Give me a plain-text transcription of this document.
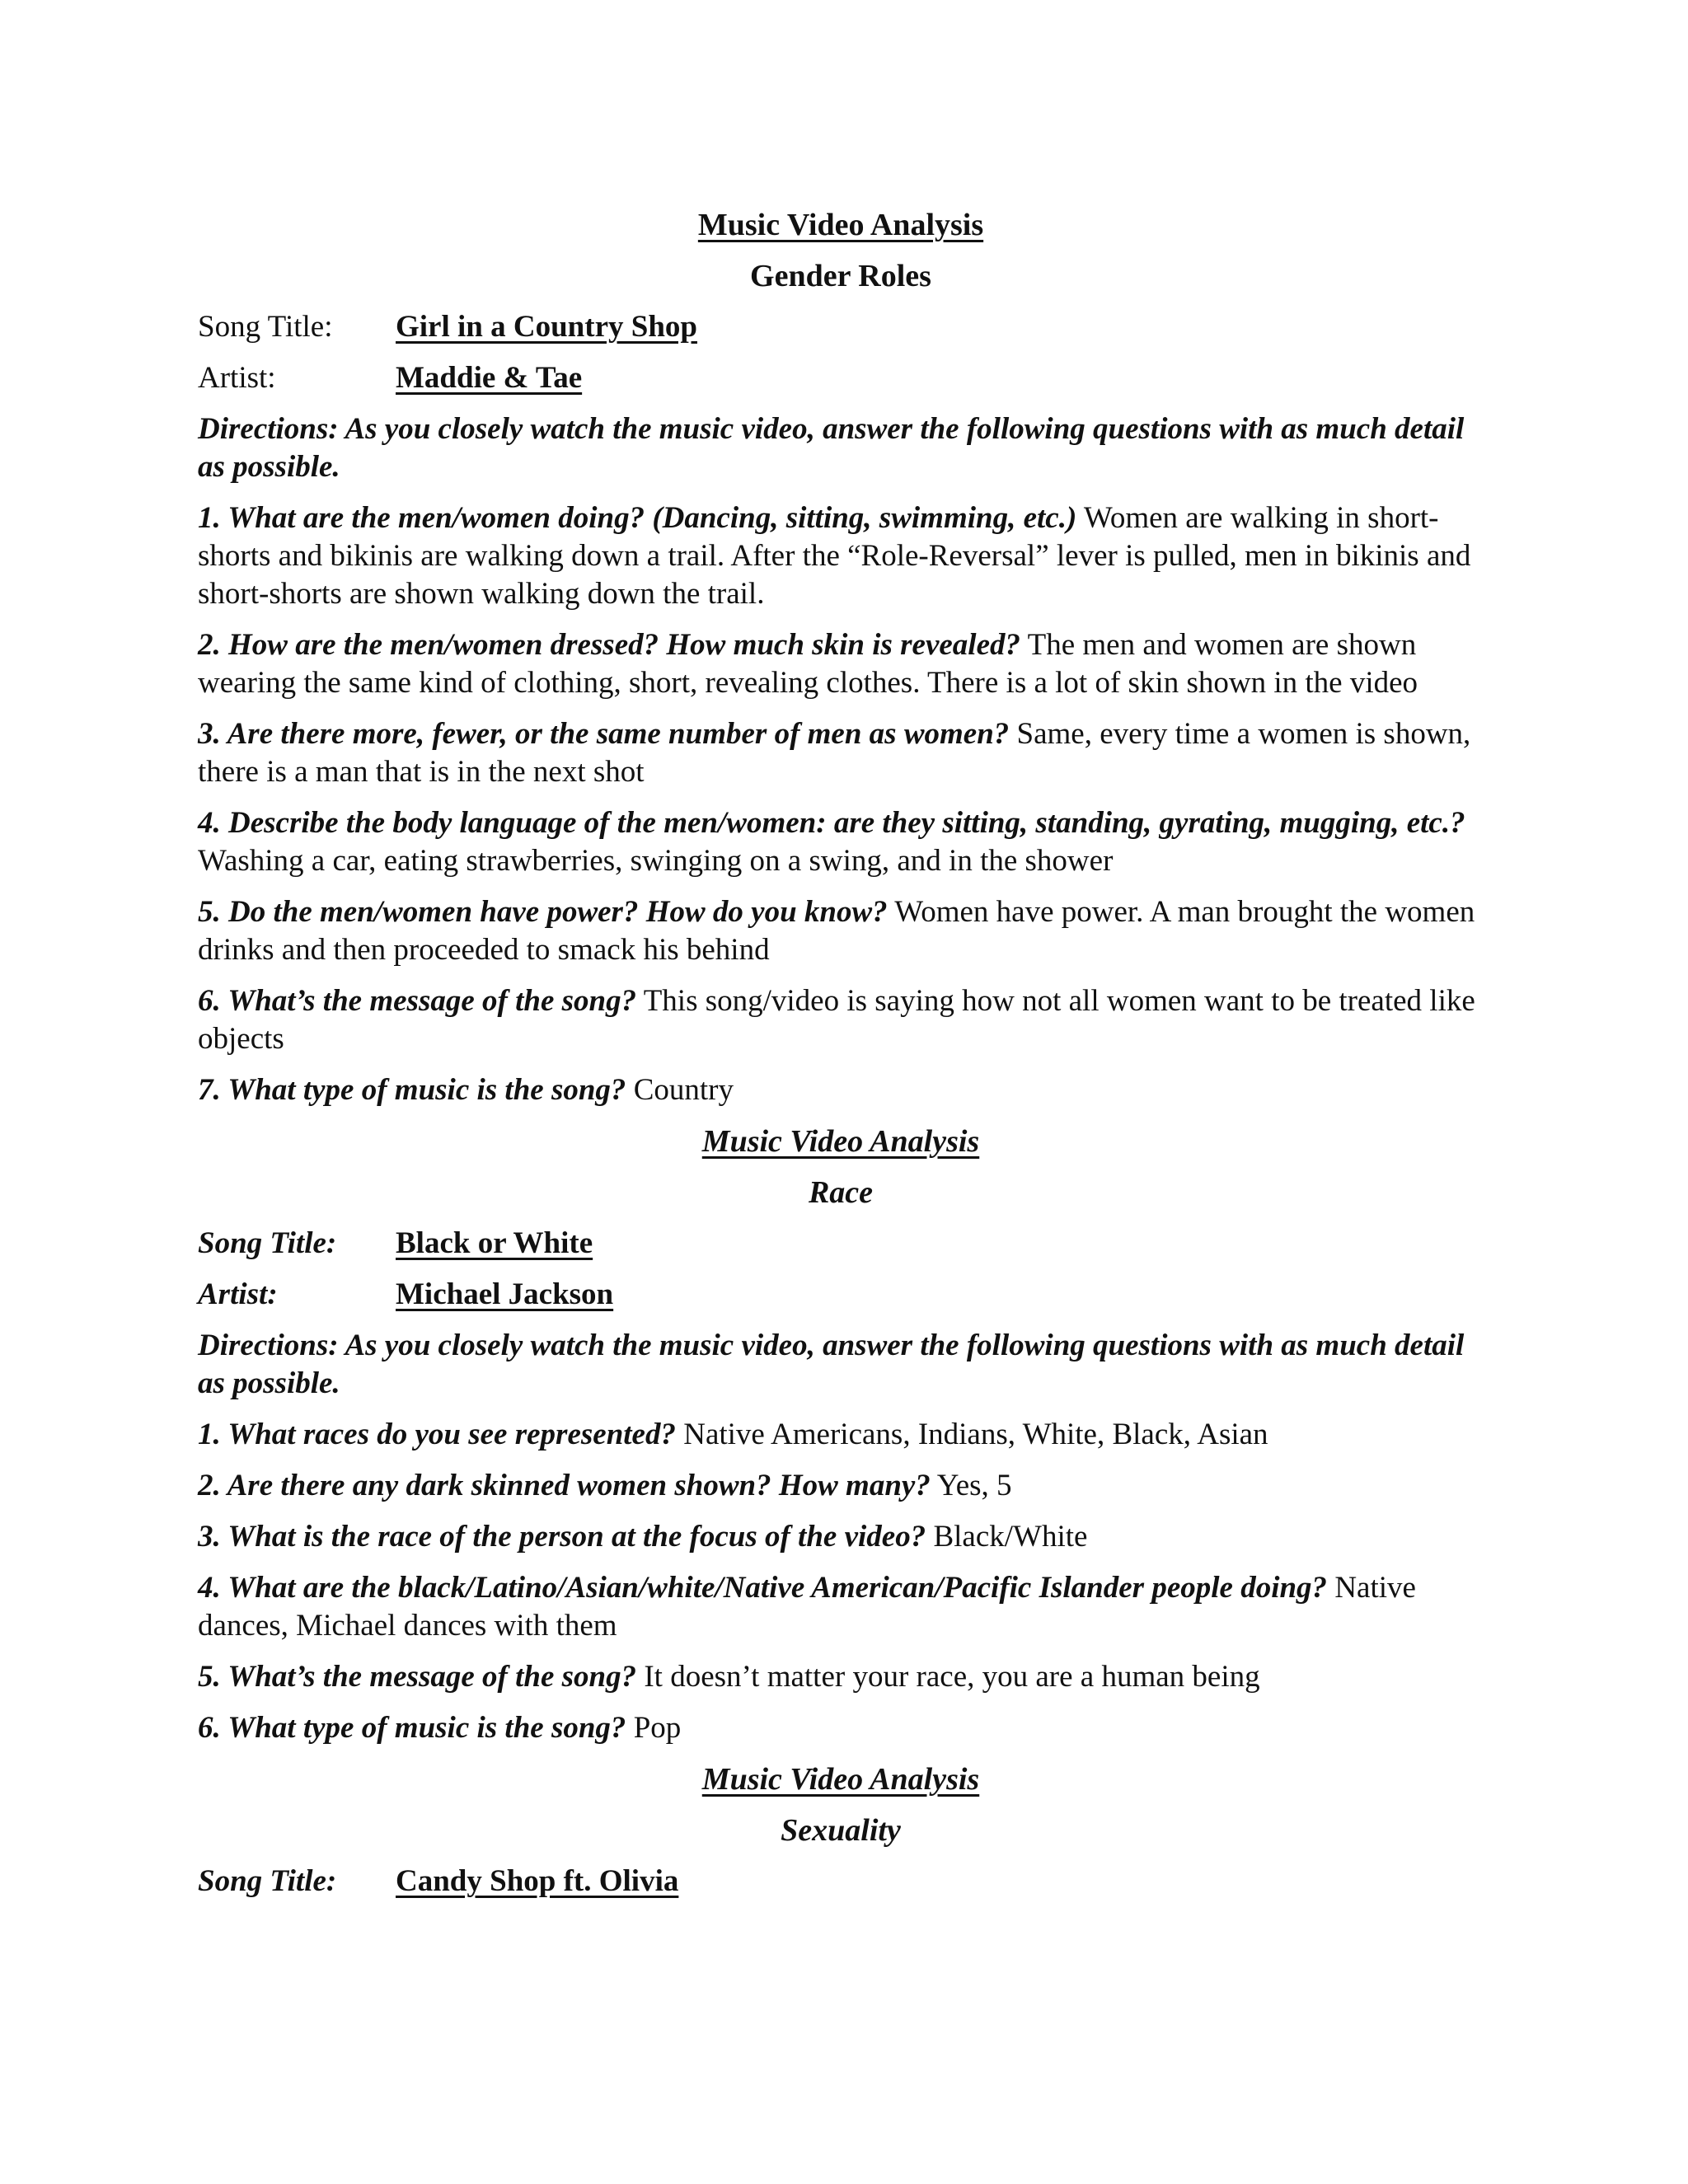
Music Video Analysis
Gender Roles
Song Title:	Girl in a Country Shop
Artist:	Maddie & Tae
Directions: As you closely watch the music video, answer the following questions with as much detail as possible.
1. What are the men/women doing? (Dancing, sitting, swimming, etc.) Women are walking in short-shorts and bikinis are walking down a trail. After the “Role-Reversal” lever is pulled, men in bikinis and short-shorts are shown walking down the trail.
2. How are the men/women dressed? How much skin is revealed? The men and women are shown wearing the same kind of clothing, short, revealing clothes. There is a lot of skin shown in the video
3. Are there more, fewer, or the same number of men as women? Same, every time a women is shown, there is a man that is in the next shot
4. Describe the body language of the men/women: are they sitting, standing, gyrating, mugging, etc.? Washing a car, eating strawberries, swinging on a swing, and in the shower
5. Do the men/women have power? How do you know? Women have power. A man brought the women drinks and then proceeded to smack his behind
6. What’s the message of the song? This song/video is saying how not all women want to be treated like objects
7. What type of music is the song? Country
Music Video Analysis
Race
Song Title:	Black or White
Artist:	Michael Jackson
Directions: As you closely watch the music video, answer the following questions with as much detail as possible.
1. What races do you see represented? Native Americans, Indians, White, Black, Asian
2. Are there any dark skinned women shown? How many? Yes, 5
3. What is the race of the person at the focus of the video? Black/White
4. What are the black/Latino/Asian/white/Native American/Pacific Islander people doing? Native dances, Michael dances with them
5. What’s the message of the song? It doesn’t matter your race, you are a human being
6. What type of music is the song? Pop
Music Video Analysis
Sexuality
Song Title:	Candy Shop ft. Olivia
